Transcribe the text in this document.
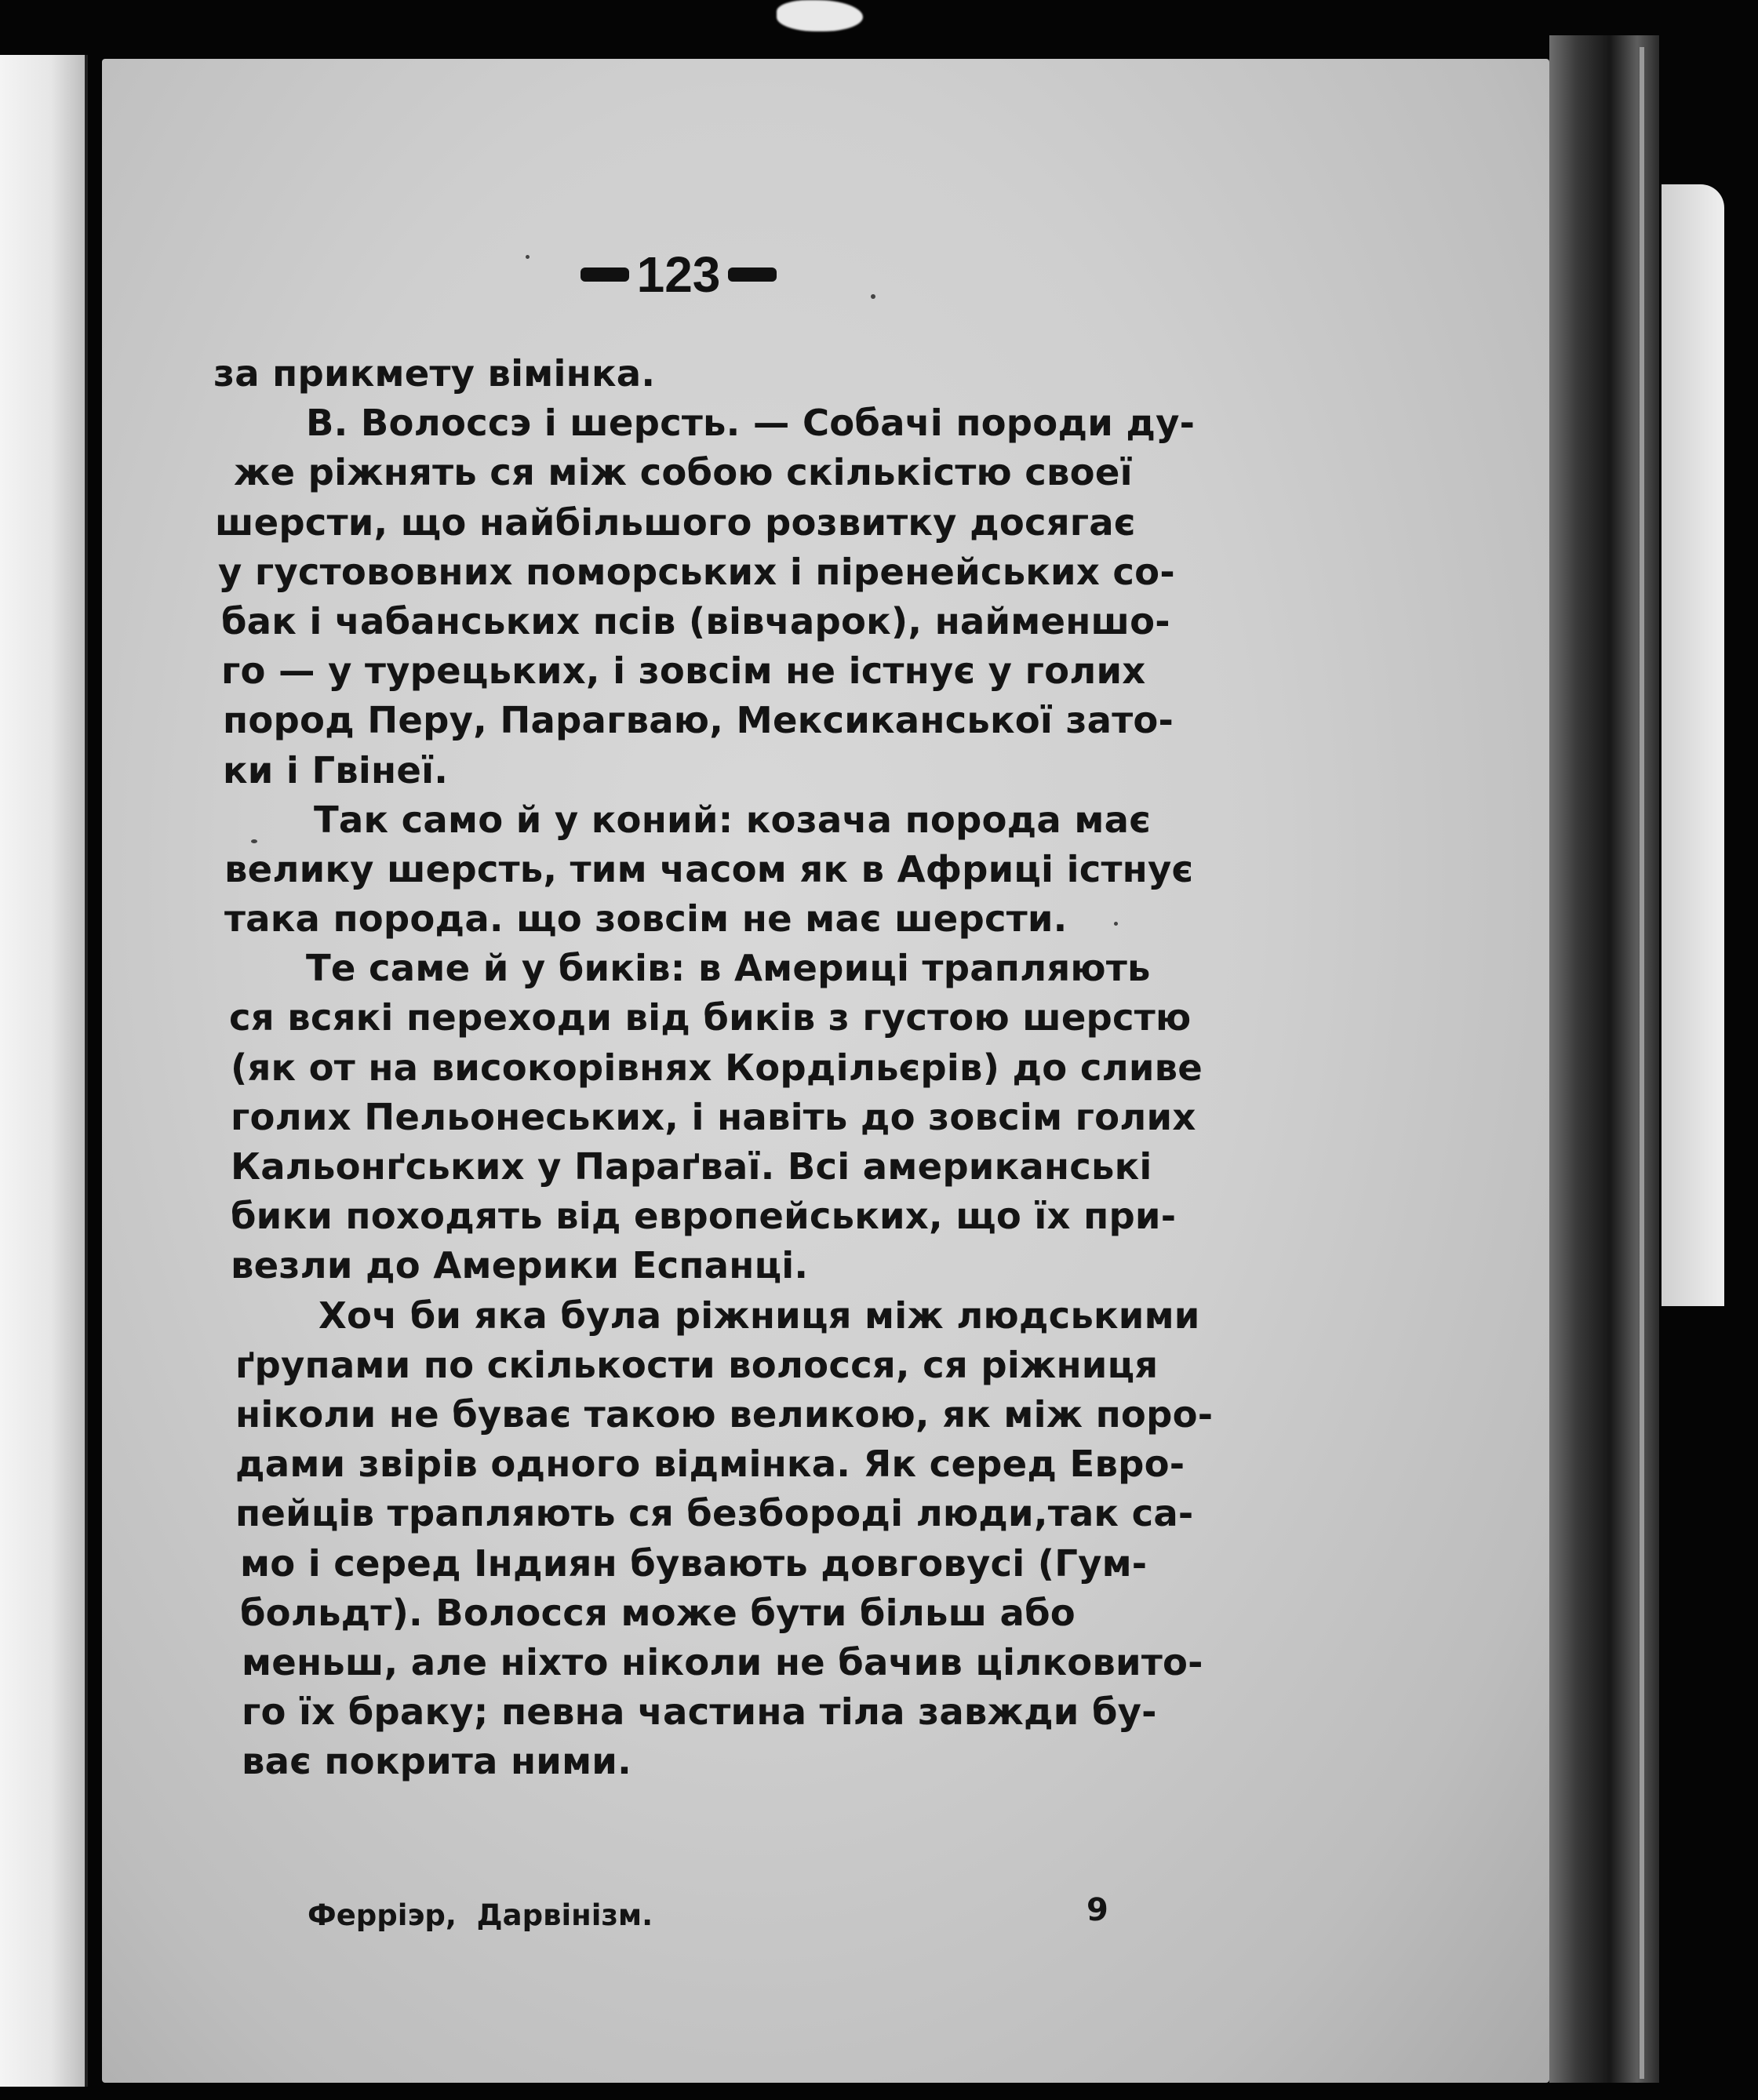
123
за прикмету вімінка.
В. Волоссэ і шерсть. — Собачі породи ду-
же ріжнять ся між собою скількістю своеї
шерсти, що найбільшого розвитку досягає
у густововних поморських і піренейських со-
бак і чабанських псів (вівчарок), найменшо-
го — у турецьких, і зовсім не істнує у голих
пород Перу, Парагваю, Мексиканської зато-
ки і Гвінеї.
Так само й у коний: козача порода має
велику шерсть, тим часом як в Африці істнує
така порода. що зовсім не має шерсти.
Те саме й у биків: в Америці трапляють
ся всякі переходи від биків з густою шерстю
(як от на високорівнях Кордільєрів) до сливе
голих Пельонеських, і навіть до зовсім голих
Кальонґських у Параґваї. Всі американські
бики походять від европейських, що їх при-
везли до Америки Еспанці.
Хоч би яка була ріжниця між людськими
ґрупами по скількости волосся, ся ріжниця
ніколи не буває такою великою, як між поро-
дами звірів одного відмінка. Як серед Евро-
пейців трапляють ся безбороді люди,так са-
мо і серед Індиян бувають довговусі (Гум-
больдт). Волосся може бути більш або
меньш, але ніхто ніколи не бачив цілковито-
го їх браку; певна частина тіла завжди бу-
ває покрита ними.
Ферріэр,  Дарвінізм.	9
